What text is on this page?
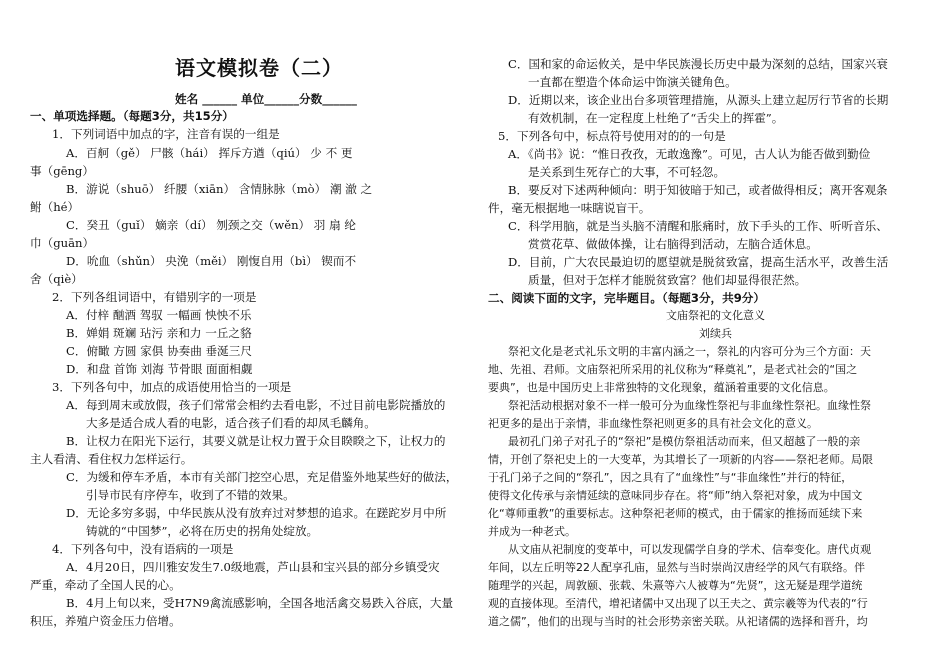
语文模拟卷（二）
姓名 ______ 单位______分数______
一、单项选择题。（每题3分，共15分）
1．下列词语中加点的字，注音有误的一组是
A．百舸（gě） 尸骸（hái） 挥斥方遒（qiú） 少 不 更
事（gēng）
B．游说（shuō） 纤腰（xiān） 含情脉脉（mò） 潮 澈 之
鲋（hé）
C．癸丑（guǐ） 嫡亲（dí） 刎颈之交（wěn） 羽 扇 纶
巾（guān）
D．吮血（shǔn） 央浼（měi） 刚愎自用（bì） 锲而不
舍（qiè）
2．下列各组词语中，有错别字的一项是
A．付梓 酗酒 驾驭 一幅画 怏怏不乐
B．婵娟 斑斓 玷污 亲和力 一丘之貉
C．俯瞰 方圆 家俱 协奏曲 垂涎三尺
D．和盘 首饰 刘海 节骨眼 面面相觑
3．下列各句中，加点的成语使用恰当的一项是
A．每到周末或放假，孩子们常常会相约去看电影，不过目前电影院播放的
大多是适合成人看的电影，适合孩子们看的却凤毛麟角。
B．让权力在阳光下运行，其要义就是让权力置于众目睽睽之下，让权力的
主人看清、看住权力怎样运行。
C．为缓和停车矛盾，本市有关部门挖空心思，充足借鉴外地某些好的做法，
引导市民有序停车，收到了不错的效果。
D．无论多穷多弱，中华民族从没有放弃过对梦想的追求。在蹉跎岁月中所
铸就的“中国梦”，必将在历史的拐角处绽放。
4．下列各句中，没有语病的一项是
A．4月20日，四川雅安发生7.0级地震，芦山县和宝兴县的部分乡镇受灾
严重，牵动了全国人民的心。
B．4月上旬以来，受H7N9禽流感影响，全国各地活禽交易跌入谷底，大量
积压，养殖户资金压力倍增。
C．国和家的命运攸关，是中华民族漫长历史中最为深刻的总结，国家兴衰
一直都在塑造个体命运中饰演关键角色。
D．近期以来，该企业出台多项管理措施，从源头上建立起厉行节省的长期
有效机制，在一定程度上杜绝了“舌尖上的挥霍”。
5．下列各句中，标点符号使用对的的一句是
A．《尚书》说：“惟日孜孜，无敢逸豫”。可见，古人认为能否做到勤俭
是关系到生死存亡的大事，不可轻忽。
B．要反对下述两种倾向：明于知彼暗于知己，或者做得相反；离开客观条
件，毫无根据地一味瞎说盲干。
C．科学用脑，就是当头脑不清醒和胀痛时，放下手头的工作、听听音乐、
赏赏花草、做做体操，让右脑得到活动，左脑合适休息。
D．目前，广大农民最迫切的愿望就是脱贫致富，提高生活水平，改善生活
质量，但对于怎样才能脱贫致富？他们却显得很茫然。
二、阅读下面的文字，完毕题目。（每题3分，共9分）
文庙祭祀的文化意义
刘续兵
祭祀文化是老式礼乐文明的丰富内涵之一，祭礼的内容可分为三个方面：天
地、先祖、君师。文庙祭祀所采用的礼仪称为“释奠礼”，是老式社会的“国之
要典”，也是中国历史上非常独特的文化现象，蕴涵着重要的文化信息。
祭祀活动根据对象不一样一般可分为血缘性祭祀与非血缘性祭祀。血缘性祭
祀更多的是出于亲情，非血缘性祭祀则更多的具有社会文化的意义。
最初孔门弟子对孔子的“祭祀”是模仿祭祖活动而来，但又超越了一般的亲
情，开创了祭祀史上的一大变革，为其增长了一项新的内容——祭祀老师。局限
于孔门弟子之间的“祭孔”，因之具有了“血缘性”与“非血缘性”并行的特征，
使得文化传承与亲情延续的意味同步存在。将“师”纳入祭祀对象，成为中国文
化“尊师重教”的重要标志。这种祭祀老师的模式，由于儒家的推扬而延续下来
并成为一种老式。
从文庙从祀制度的变革中，可以发现儒学自身的学术、信奉变化。唐代贞观
年间，以左丘明等22人配享孔庙，显然与当时崇尚汉唐经学的风气有联络。伴
随理学的兴起，周敦颐、张载、朱熹等六人被尊为“先贤”，这无疑是理学道统
观的直接体现。至清代，增祀诸儒中又出现了以王夫之、黄宗羲等为代表的“行
道之儒”，他们的出现与当时的社会形势亲密关联。从祀诸儒的选择和晋升，均
